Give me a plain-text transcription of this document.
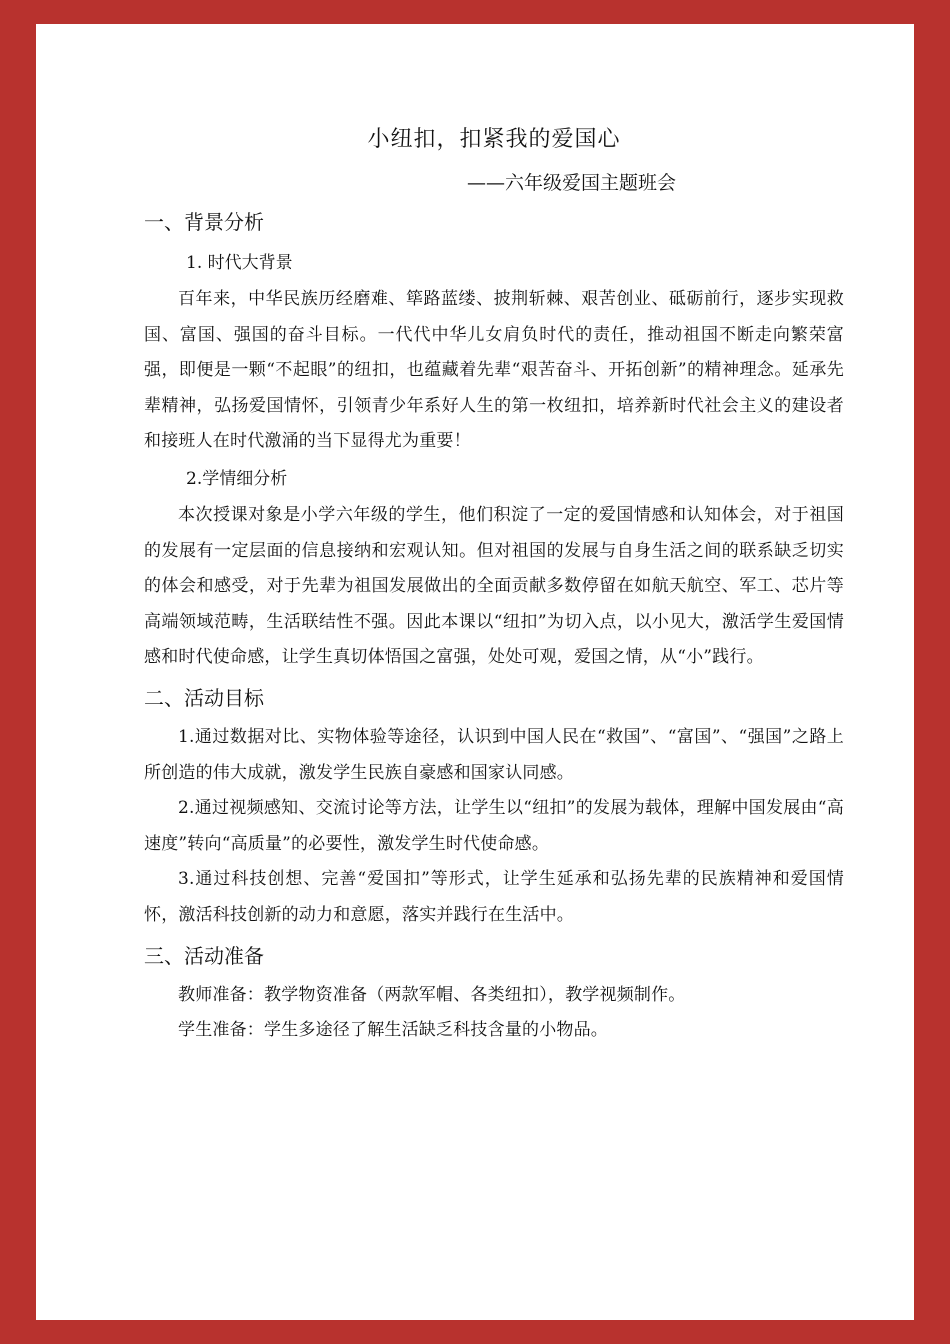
小纽扣，扣紧我的爱国心
——六年级爱国主题班会
一、背景分析
1. 时代大背景

百年来，中华民族历经磨难、筚路蓝缕、披荆斩棘、艰苦创业、砥砺前行，逐步实现救国、富国、强国的奋斗目标。一代代中华儿女肩负时代的责任，推动祖国不断走向繁荣富强，即便是一颗“不起眼”的纽扣，也蕴藏着先辈“艰苦奋斗、开拓创新”的精神理念。延承先辈精神，弘扬爱国情怀，引领青少年系好人生的第一枚纽扣，培养新时代社会主义的建设者和接班人在时代激涌的当下显得尤为重要！

2.学情细分析

本次授课对象是小学六年级的学生，他们积淀了一定的爱国情感和认知体会，对于祖国的发展有一定层面的信息接纳和宏观认知。但对祖国的发展与自身生活之间的联系缺乏切实的体会和感受，对于先辈为祖国发展做出的全面贡献多数停留在如航天航空、军工、芯片等高端领域范畴，生活联结性不强。因此本课以“纽扣”为切入点，以小见大，激活学生爱国情感和时代使命感，让学生真切体悟国之富强，处处可观，爱国之情，从“小”践行。

二、活动目标

1.通过数据对比、实物体验等途径，认识到中国人民在“救国”、“富国”、“强国”之路上所创造的伟大成就，激发学生民族自豪感和国家认同感。

2.通过视频感知、交流讨论等方法，让学生以“纽扣”的发展为载体，理解中国发展由“高速度”转向“高质量”的必要性，激发学生时代使命感。

3.通过科技创想、完善“爱国扣”等形式，让学生延承和弘扬先辈的民族精神和爱国情怀，激活科技创新的动力和意愿，落实并践行在生活中。

三、活动准备

教师准备：教学物资准备（两款军帽、各类纽扣），教学视频制作。

学生准备：学生多途径了解生活缺乏科技含量的小物品。
